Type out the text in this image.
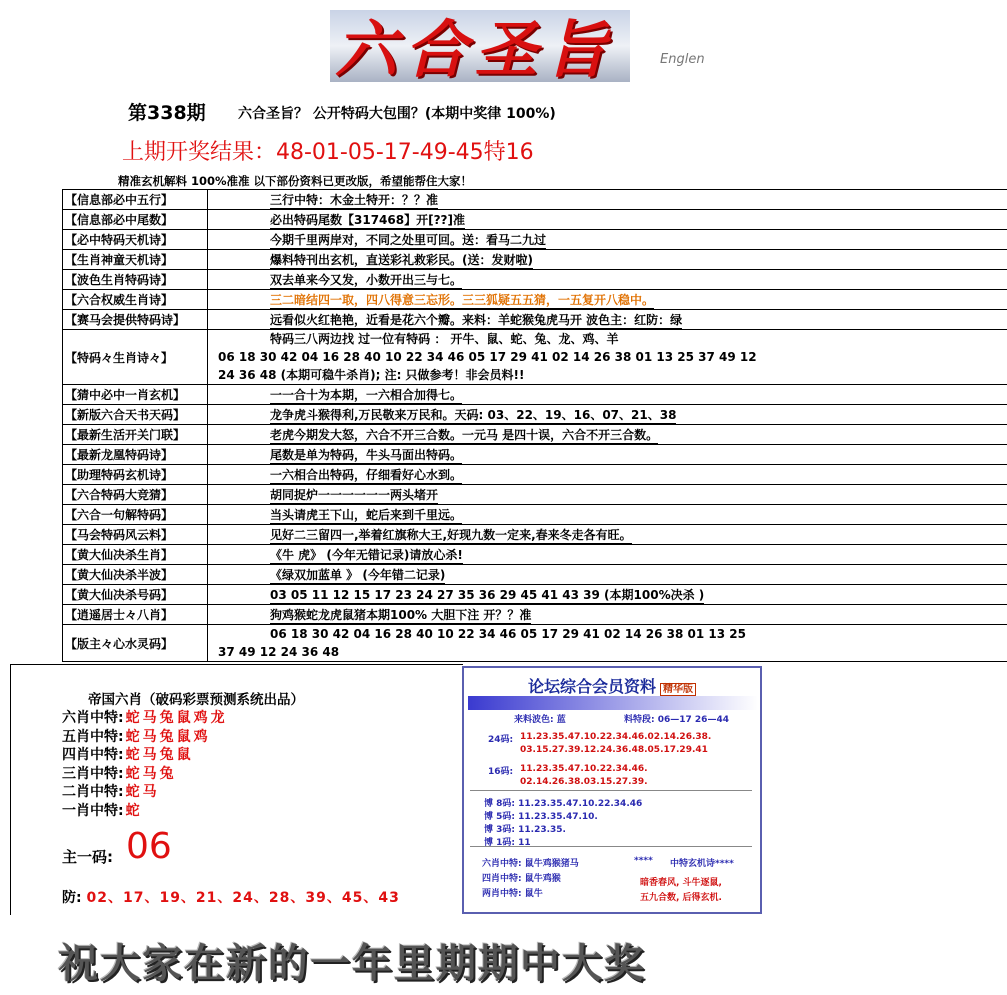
六合圣旨	Englen
第338期 六合圣旨？ 公开特码大包围？(本期中奖律 100%)
上期开奖结果：48-01-05-17-49-45特16
精准玄机解料 100%准准 以下部份资料已更改版，希望能帮住大家！
【信息部必中五行】	三行中特：木金土特开：？？准
【信息部必中尾数】	必出特码尾数【317468】开[??]准
【必中特码天机诗】	今期千里两岸对，不同之处里可回。送：看马二九过
【生肖神童天机诗】	爆料特刊出玄机，直送彩礼救彩民。(送：发财啦)
【波色生肖特码诗】	双去单来今又发，小数开出三与七。
【六合权威生肖诗】	三二暗结四一取，四八得意三忘形。三三狐疑五五猜，一五复开八稳中。
【赛马会提供特码诗】	远看似火红艳艳，近看是花六个瓣。来料：羊蛇猴兔虎马开 波色主：红防：绿
【特码々生肖诗々】	特码三八两边找 过一位有特码 ： 开牛、鼠、蛇、兔、龙、鸡、羊
06 18 30 42 04 16 28 40 10 22 34 46 05 17 29 41 02 14 26 38 01 13 25 37 49 12
24 36 48 (本期可稳牛杀肖); 注: 只做参考！非会员料!!

【猜中必中一肖玄机】	一一合十为本期，一六相合加得七。
【新版六合天书天码】	龙争虎斗猴得利,万民敬来万民和。天码: 03、22、19、16、07、21、38
【最新生活开关门联】	老虎今期发大怒，六合不开三合数。一元马 是四十误，六合不开三合数。
【最新龙凰特码诗】	尾数是单为特码，牛头马面出特码。
【助理特码玄机诗】	一六相合出特码，仔细看好心水到。
【六合特码大竞猜】	胡同捉炉一一一一一一两头堵开
【六合一句解特码】	当头请虎王下山，蛇后来到千里远。
【马会特码风云料】	见好二三留四一,举着红旗称大王,好现九数一定来,春来冬走各有旺。
【黄大仙决杀生肖】	《牛 虎》 (今年无错记录)请放心杀!
【黄大仙决杀半波】	《绿双加蓝单 》 (今年错二记录)
【黄大仙决杀号码】	03 05 11 12 15 17 23 24 27 35 36 29 45 41 43 39 (本期100%决杀 )
【逍遥居士々八肖】	狗鸡猴蛇龙虎鼠猪本期100% 大胆下注 开？？准
【版主々心水灵码】	06 18 30 42 04 16 28 40 10 22 34 46 05 17 29 41 02 14 26 38 01 13 25
37 49 12 24 36 48
帝国六肖（破码彩票预测系统出品）
六肖中特: 蛇马兔鼠鸡龙
五肖中特: 蛇马兔鼠鸡
四肖中特: 蛇马兔鼠
三肖中特: 蛇马兔
二肖中特: 蛇马
一肖中特: 蛇
主一码: 06
防: 02、17、19、21、24、28、39、45、43
论坛综合会员资料 精华版
来料波色: 蓝	料特段: 06—17 26—44
24码: 11.23.35.47.10.22.34.46.02.14.26.38.
03.15.27.39.12.24.36.48.05.17.29.41
16码: 11.23.35.47.10.22.34.46.
02.14.26.38.03.15.27.39.
博 8码: 11.23.35.47.10.22.34.46
博 5码: 11.23.35.47.10.
博 3码: 11.23.35.
博 1码: 11
六肖中特: 鼠牛鸡猴猪马
四肖中特: 鼠牛鸡猴
两肖中特: 鼠牛
**** 中特玄机诗****
暗香春风, 斗牛逐鼠,
五九合数, 后得玄机.
祝大家在新的一年里期期中大奖
